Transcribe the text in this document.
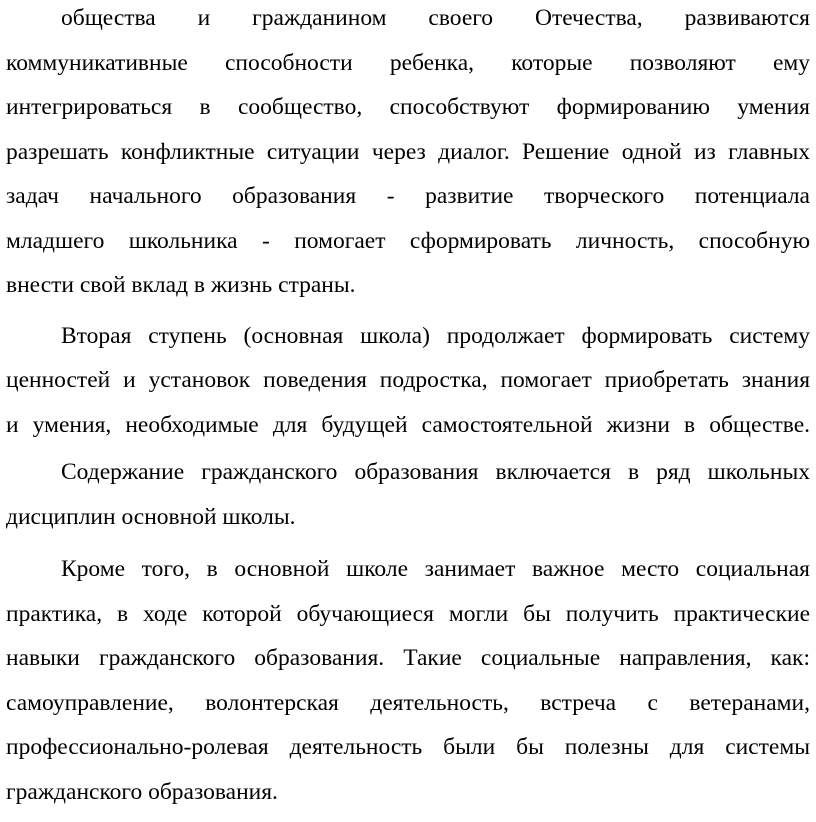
общества и гражданином своего Отечества, развиваются
коммуникативные способности ребенка, которые позволяют ему
интегрироваться в сообщество, способствуют формированию умения
разрешать конфликтные ситуации через диалог. Решение одной из главных
задач начального образования - развитие творческого потенциала
младшего школьника - помогает сформировать личность, способную
внести свой вклад в жизнь страны.
Вторая ступень (основная школа) продолжает формировать систему
ценностей и установок поведения подростка, помогает приобретать знания
и умения, необходимые для будущей самостоятельной жизни в обществе.
Содержание гражданского образования включается в ряд школьных
дисциплин основной школы.
Кроме того, в основной школе занимает важное место социальная
практика, в ходе которой обучающиеся могли бы получить практические
навыки гражданского образования. Такие социальные направления, как:
самоуправление, волонтерская деятельность, встреча с ветеранами,
профессионально-ролевая деятельность были бы полезны для системы
гражданского образования.
